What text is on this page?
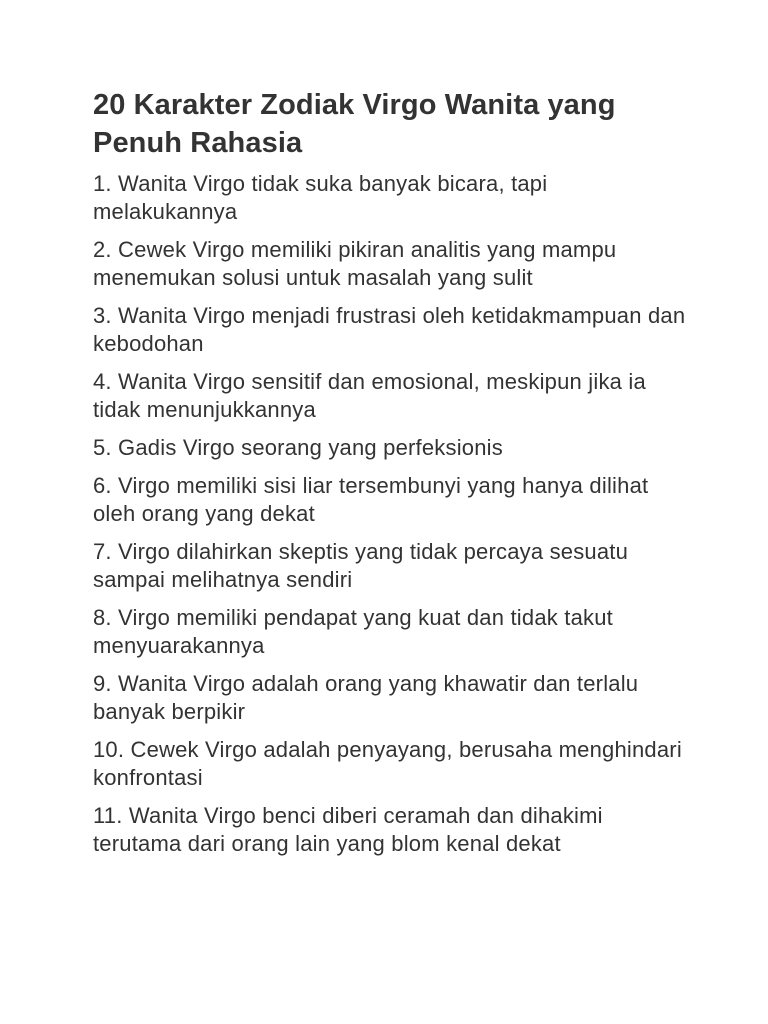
20 Karakter Zodiak Virgo Wanita yang Penuh Rahasia
1. Wanita Virgo tidak suka banyak bicara, tapi melakukannya
2. Cewek Virgo memiliki pikiran analitis yang mampu menemukan solusi untuk masalah yang sulit
3. Wanita Virgo menjadi frustrasi oleh ketidakmampuan dan kebodohan
4. Wanita Virgo sensitif dan emosional, meskipun jika ia tidak menunjukkannya
5. Gadis Virgo seorang yang perfeksionis
6. Virgo memiliki sisi liar tersembunyi yang hanya dilihat oleh orang yang dekat
7. Virgo dilahirkan skeptis yang tidak percaya sesuatu sampai melihatnya sendiri
8. Virgo memiliki pendapat yang kuat dan tidak takut menyuarakannya
9. Wanita Virgo adalah orang yang khawatir dan terlalu banyak berpikir
10. Cewek Virgo adalah penyayang, berusaha menghindari konfrontasi
11. Wanita Virgo benci diberi ceramah dan dihakimi terutama dari orang lain yang blom kenal dekat
